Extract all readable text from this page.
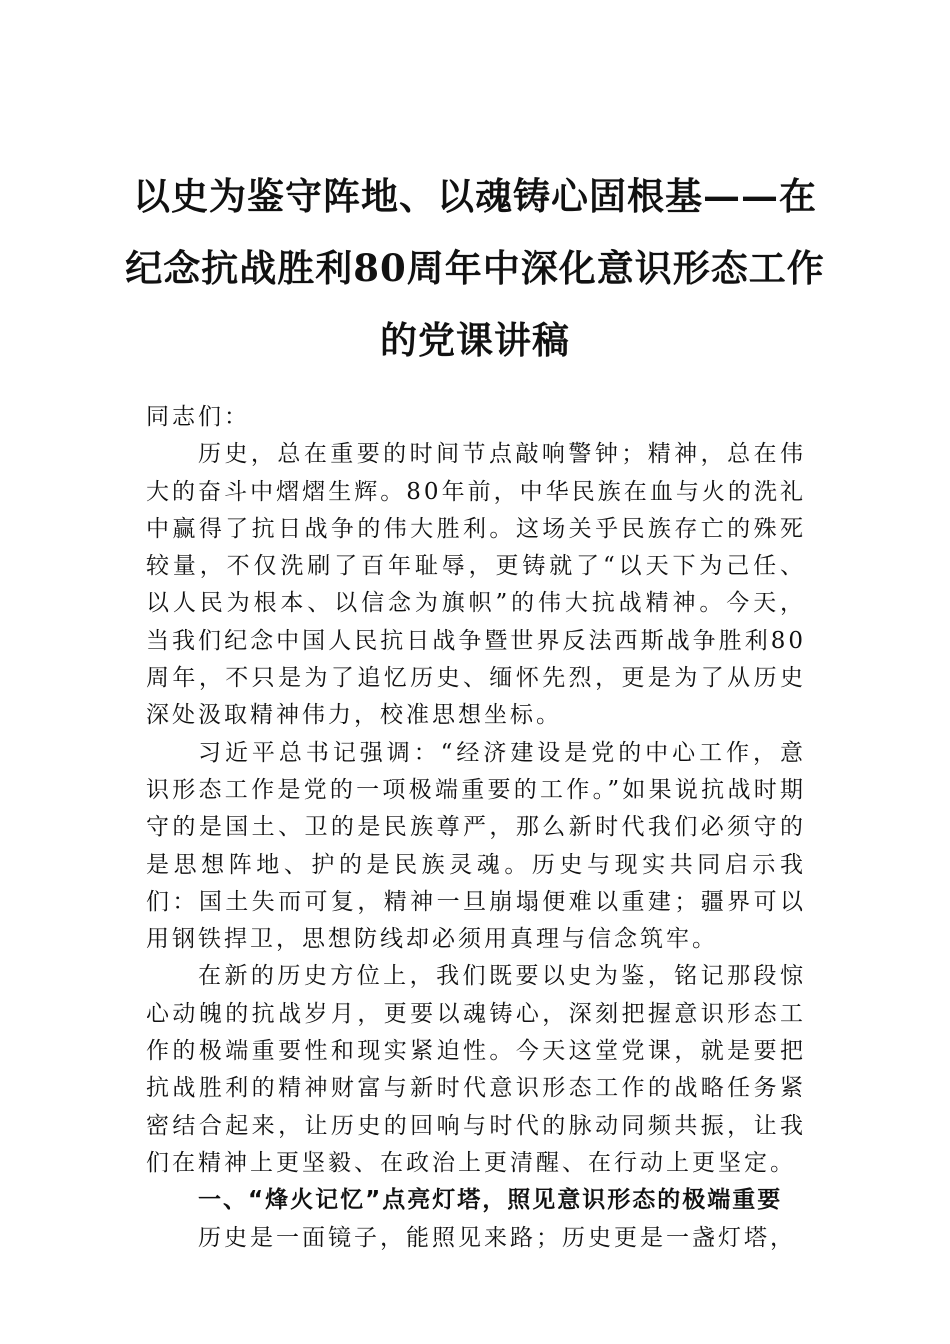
以史为鉴守阵地、以魂铸心固根基——在
纪念抗战胜利80周年中深化意识形态工作
的党课讲稿

同志们：

历史，总在重要的时间节点敲响警钟；精神，总在伟大的奋斗中熠熠生辉。80年前，中华民族在血与火的洗礼中赢得了抗日战争的伟大胜利。这场关乎民族存亡的殊死较量，不仅洗刷了百年耻辱，更铸就了“以天下为己任、以人民为根本、以信念为旗帜”的伟大抗战精神。今天，当我们纪念中国人民抗日战争暨世界反法西斯战争胜利80周年，不只是为了追忆历史、缅怀先烈，更是为了从历史深处汲取精神伟力，校准思想坐标。

习近平总书记强调：“经济建设是党的中心工作，意识形态工作是党的一项极端重要的工作。”如果说抗战时期守的是国土、卫的是民族尊严，那么新时代我们必须守的是思想阵地、护的是民族灵魂。历史与现实共同启示我们：国土失而可复，精神一旦崩塌便难以重建；疆界可以用钢铁捍卫，思想防线却必须用真理与信念筑牢。

在新的历史方位上，我们既要以史为鉴，铭记那段惊心动魄的抗战岁月，更要以魂铸心，深刻把握意识形态工作的极端重要性和现实紧迫性。今天这堂党课，就是要把抗战胜利的精神财富与新时代意识形态工作的战略任务紧密结合起来，让历史的回响与时代的脉动同频共振，让我们在精神上更坚毅、在政治上更清醒、在行动上更坚定。

一、“烽火记忆”点亮灯塔，照见意识形态的极端重要

历史是一面镜子，能照见来路；历史更是一盏灯塔，
